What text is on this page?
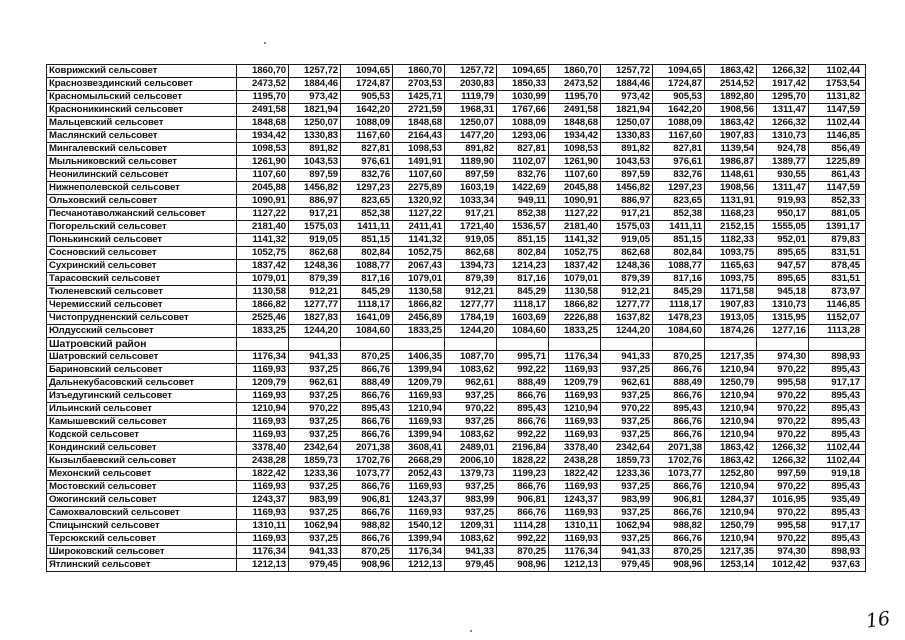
Коврижский сельсовет	1860,70	1257,72	1094,65	1860,70	1257,72	1094,65	1860,70	1257,72	1094,65	1863,42	1266,32	1102,44
Краснозвездинский сельсовет	2473,52	1884,46	1724,87	2703,53	2030,83	1850,33	2473,52	1884,46	1724,87	2514,52	1917,42	1753,54
Красномыльский сельсовет	1195,70	973,42	905,53	1425,71	1119,79	1030,99	1195,70	973,42	905,53	1892,80	1295,70	1131,82
Красноникинский сельсовет	2491,58	1821,94	1642,20	2721,59	1968,31	1767,66	2491,58	1821,94	1642,20	1908,56	1311,47	1147,59
Мальцевский сельсовет	1848,68	1250,07	1088,09	1848,68	1250,07	1088,09	1848,68	1250,07	1088,09	1863,42	1266,32	1102,44
Маслянский сельсовет	1934,42	1330,83	1167,60	2164,43	1477,20	1293,06	1934,42	1330,83	1167,60	1907,83	1310,73	1146,85
Мингалевский сельсовет	1098,53	891,82	827,81	1098,53	891,82	827,81	1098,53	891,82	827,81	1139,54	924,78	856,49
Мыльниковский сельсовет	1261,90	1043,53	976,61	1491,91	1189,90	1102,07	1261,90	1043,53	976,61	1986,87	1389,77	1225,89
Неонилинский сельсовет	1107,60	897,59	832,76	1107,60	897,59	832,76	1107,60	897,59	832,76	1148,61	930,55	861,43
Нижнеполевской сельсовет	2045,88	1456,82	1297,23	2275,89	1603,19	1422,69	2045,88	1456,82	1297,23	1908,56	1311,47	1147,59
Ольховский сельсовет	1090,91	886,97	823,65	1320,92	1033,34	949,11	1090,91	886,97	823,65	1131,91	919,93	852,33
Песчанотаволжанский сельсовет	1127,22	917,21	852,38	1127,22	917,21	852,38	1127,22	917,21	852,38	1168,23	950,17	881,05
Погорельский сельсовет	2181,40	1575,03	1411,11	2411,41	1721,40	1536,57	2181,40	1575,03	1411,11	2152,15	1555,05	1391,17
Понькинский сельсовет	1141,32	919,05	851,15	1141,32	919,05	851,15	1141,32	919,05	851,15	1182,33	952,01	879,83
Сосновский сельсовет	1052,75	862,68	802,84	1052,75	862,68	802,84	1052,75	862,68	802,84	1093,75	895,65	831,51
Сухринский сельсовет	1837,42	1248,36	1088,77	2067,43	1394,73	1214,23	1837,42	1248,36	1088,77	1165,63	947,57	878,45
Тарасовский сельсовет	1079,01	879,39	817,16	1079,01	879,39	817,16	1079,01	879,39	817,16	1093,75	895,65	831,51
Тюленевский сельсовет	1130,58	912,21	845,29	1130,58	912,21	845,29	1130,58	912,21	845,29	1171,58	945,18	873,97
Черемисский сельсовет	1866,82	1277,77	1118,17	1866,82	1277,77	1118,17	1866,82	1277,77	1118,17	1907,83	1310,73	1146,85
Чистопрудненский сельсовет	2525,46	1827,83	1641,09	2456,89	1784,19	1603,69	2226,88	1637,82	1478,23	1913,05	1315,95	1152,07
Юлдусский сельсовет	1833,25	1244,20	1084,60	1833,25	1244,20	1084,60	1833,25	1244,20	1084,60	1874,26	1277,16	1113,28
Шатровский район												
Шатровский сельсовет	1176,34	941,33	870,25	1406,35	1087,70	995,71	1176,34	941,33	870,25	1217,35	974,30	898,93
Бариновский сельсовет	1169,93	937,25	866,76	1399,94	1083,62	992,22	1169,93	937,25	866,76	1210,94	970,22	895,43
Дальнекубасовский сельсовет	1209,79	962,61	888,49	1209,79	962,61	888,49	1209,79	962,61	888,49	1250,79	995,58	917,17
Изъедугинский сельсовет	1169,93	937,25	866,76	1169,93	937,25	866,76	1169,93	937,25	866,76	1210,94	970,22	895,43
Ильинский сельсовет	1210,94	970,22	895,43	1210,94	970,22	895,43	1210,94	970,22	895,43	1210,94	970,22	895,43
Камышевский сельсовет	1169,93	937,25	866,76	1169,93	937,25	866,76	1169,93	937,25	866,76	1210,94	970,22	895,43
Кодской сельсовет	1169,93	937,25	866,76	1399,94	1083,62	992,22	1169,93	937,25	866,76	1210,94	970,22	895,43
Кондинский сельсовет	3378,40	2342,64	2071,38	3608,41	2489,01	2196,84	3378,40	2342,64	2071,38	1863,42	1266,32	1102,44
Кызылбаевский сельсовет	2438,28	1859,73	1702,76	2668,29	2006,10	1828,22	2438,28	1859,73	1702,76	1863,42	1266,32	1102,44
Мехонский сельсовет	1822,42	1233,36	1073,77	2052,43	1379,73	1199,23	1822,42	1233,36	1073,77	1252,80	997,59	919,18
Мостовский сельсовет	1169,93	937,25	866,76	1169,93	937,25	866,76	1169,93	937,25	866,76	1210,94	970,22	895,43
Ожогинский сельсовет	1243,37	983,99	906,81	1243,37	983,99	906,81	1243,37	983,99	906,81	1284,37	1016,95	935,49
Самохваловский сельсовет	1169,93	937,25	866,76	1169,93	937,25	866,76	1169,93	937,25	866,76	1210,94	970,22	895,43
Спицынский сельсовет	1310,11	1062,94	988,82	1540,12	1209,31	1114,28	1310,11	1062,94	988,82	1250,79	995,58	917,17
Терсюкский сельсовет	1169,93	937,25	866,76	1399,94	1083,62	992,22	1169,93	937,25	866,76	1210,94	970,22	895,43
Широковский сельсовет	1176,34	941,33	870,25	1176,34	941,33	870,25	1176,34	941,33	870,25	1217,35	974,30	898,93
Ятлинский сельсовет	1212,13	979,45	908,96	1212,13	979,45	908,96	1212,13	979,45	908,96	1253,14	1012,42	937,63
16
